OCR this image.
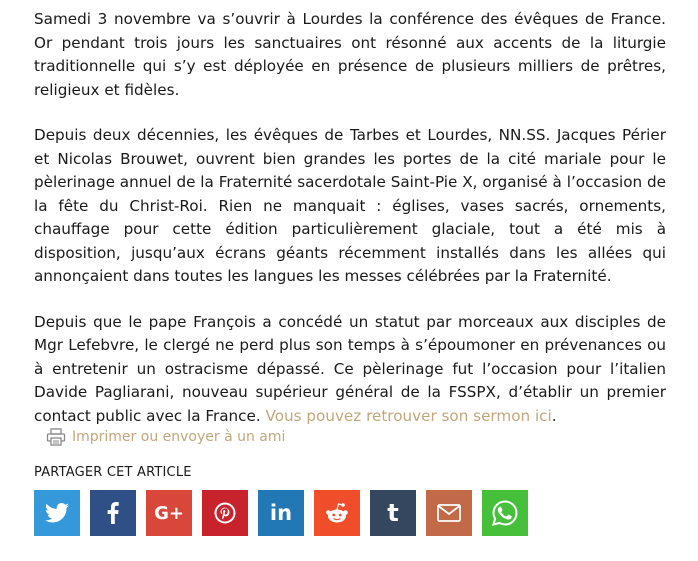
Samedi 3 novembre va s’ouvrir à Lourdes la conférence des évêques de France. Or pendant trois jours les sanctuaires ont résonné aux accents de la liturgie traditionnelle qui s’y est déployée en présence de plusieurs milliers de prêtres, religieux et fidèles.

Depuis deux décennies, les évêques de Tarbes et Lourdes, NN.SS. Jacques Périer et Nicolas Brouwet, ouvrent bien grandes les portes de la cité mariale pour le pèlerinage annuel de la Fraternité sacerdotale Saint-Pie X, organisé à l’occasion de la fête du Christ-Roi. Rien ne manquait : églises, vases sacrés, ornements, chauffage pour cette édition particulièrement glaciale, tout a été mis à disposition, jusqu’aux écrans géants récemment installés dans les allées qui annonçaient dans toutes les langues les messes célébrées par la Fraternité.

Depuis que le pape François a concédé un statut par morceaux aux disciples de Mgr Lefebvre, le clergé ne perd plus son temps à s’époumoner en prévenances ou à entretenir un ostracisme dépassé. Ce pèlerinage fut l’occasion pour l’italien Davide Pagliarani, nouveau supérieur général de la FSSPX, d’établir un premier contact public avec la France. Vous pouvez retrouver son sermon ici.

Imprimer ou envoyer à un ami
PARTAGER CET ARTICLE
G+	in	t
